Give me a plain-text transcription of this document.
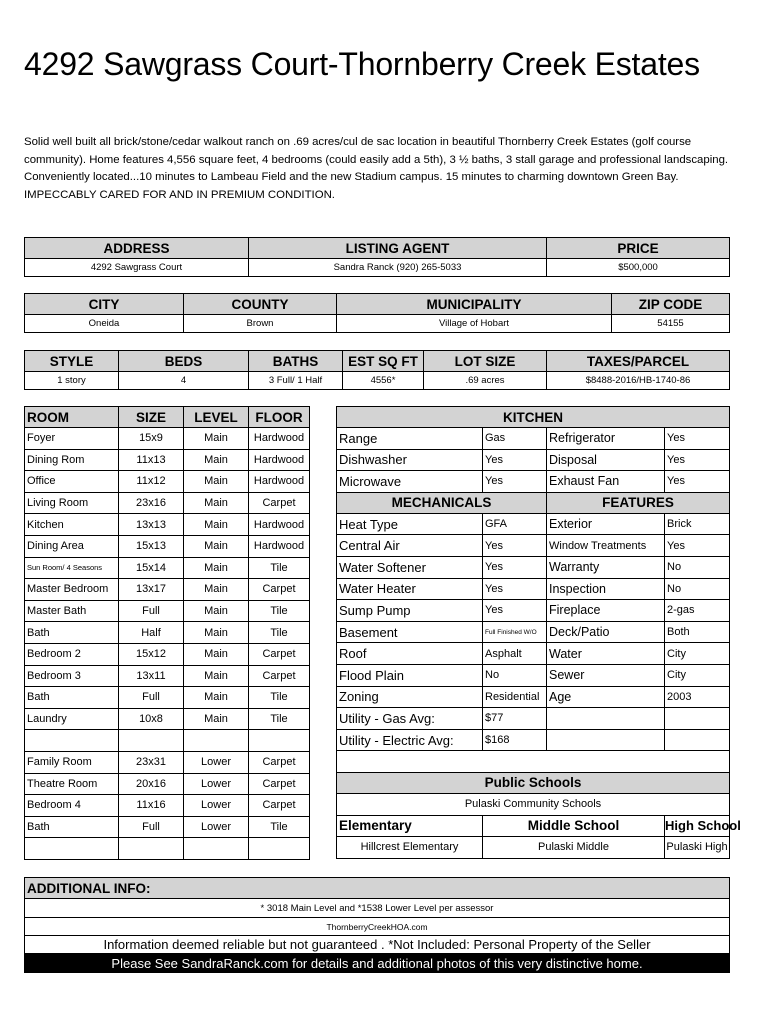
4292 Sawgrass Court-Thornberry Creek Estates

Solid well built all brick/stone/cedar walkout ranch on .69 acres/cul de sac location in beautiful Thornberry Creek Estates (golf course community). Home features 4,556 square feet, 4 bedrooms (could easily add a 5th), 3 ½ baths, 3 stall garage and professional landscaping. Conveniently located...10 minutes to Lambeau Field and the new Stadium campus. 15 minutes to charming downtown Green Bay. IMPECCABLY CARED FOR AND IN PREMIUM CONDITION.

ADDRESS	LISTING AGENT	PRICE
4292 Sawgrass Court	Sandra Ranck (920) 265-5033	$500,000
CITY	COUNTY	MUNICIPALITY	ZIP CODE
Oneida	Brown	Village of Hobart	54155
STYLE	BEDS	BATHS	EST SQ FT	LOT SIZE	TAXES/PARCEL
1 story	4	3 Full/ 1 Half	4556*	.69 acres	$8488-2016/HB-1740-86
ROOM	SIZE	LEVEL	FLOOR
Foyer	15x9	Main	Hardwood
Dining Rom	11x13	Main	Hardwood
Office	11x12	Main	Hardwood
Living Room	23x16	Main	Carpet
Kitchen	13x13	Main	Hardwood
Dining Area	15x13	Main	Hardwood
Sun Room/ 4 Seasons	15x14	Main	Tile
Master Bedroom	13x17	Main	Carpet
Master Bath	Full	Main	Tile
Bath	Half	Main	Tile
Bedroom 2	15x12	Main	Carpet
Bedroom 3	13x11	Main	Carpet
Bath	Full	Main	Tile
Laundry	10x8	Main	Tile

Family Room	23x31	Lower	Carpet
Theatre Room	20x16	Lower	Carpet
Bedroom 4	11x16	Lower	Carpet
Bath	Full	Lower	Tile

KITCHEN			
Range	Gas	Refrigerator	Yes
Dishwasher	Yes	Disposal	Yes
Microwave	Yes	Exhaust Fan	Yes
MECHANICALS		FEATURES	
Heat Type	GFA	Exterior	Brick
Central Air	Yes	Window Treatments	Yes
Water Softener	Yes	Warranty	No
Water Heater	Yes	Inspection	No
Sump Pump	Yes	Fireplace	2-gas
Basement	Full Finished W/O	Deck/Patio	Both
Roof	Asphalt	Water	City
Flood Plain	No	Sewer	City
Zoning	Residential	Age	2003
Utility - Gas Avg:	$77		
Utility - Electric Avg:	$168		

Public Schools			
Pulaski Community Schools			
Elementary	Middle School		High School
Hillcrest Elementary	Pulaski Middle		Pulaski High
ADDITIONAL INFO:
* 3018 Main Level and *1538 Lower Level per assessor
ThornberryCreekHOA.com
Information deemed reliable but not guaranteed . *Not Included: Personal Property of the Seller
Please See SandraRanck.com for details and additional photos of this very distinctive home.
